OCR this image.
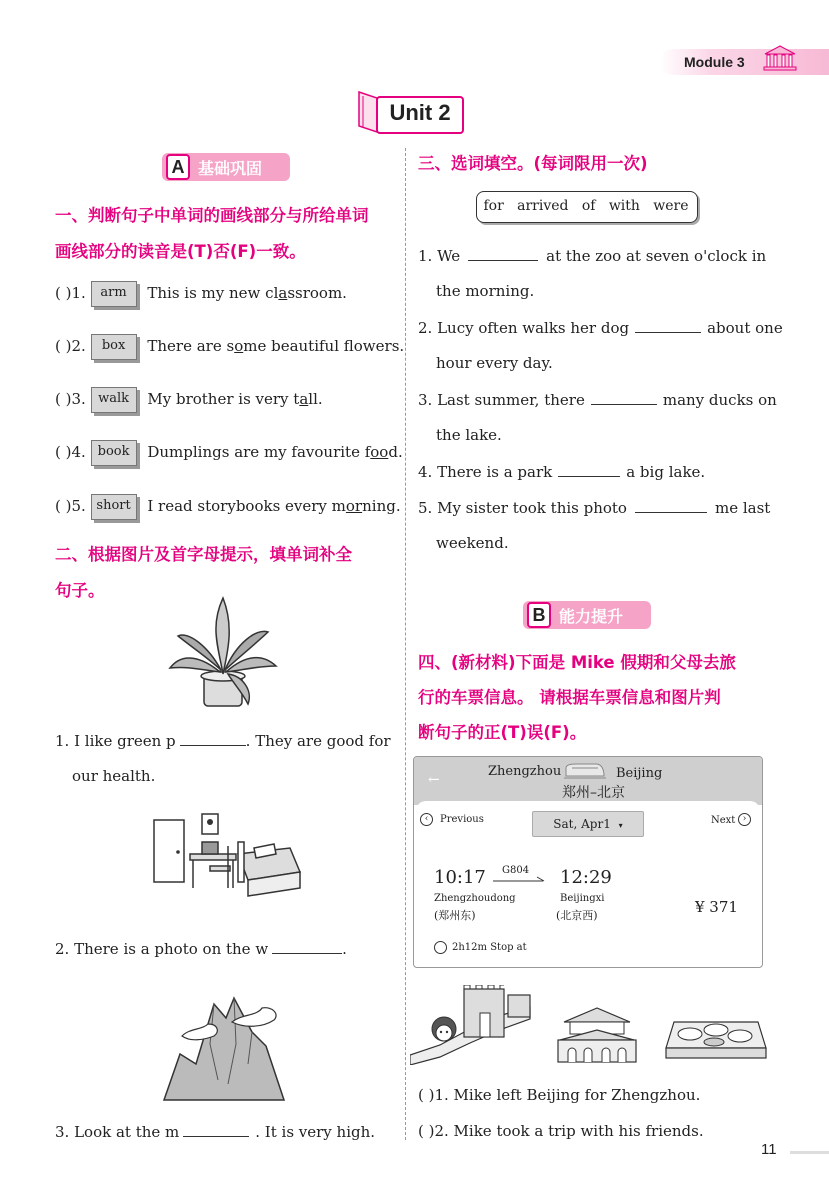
Module 3
Unit 2
A 基础巩固
一、判断句子中单词的画线部分与所给单词
画线部分的读音是(T)否(F)一致。
( )1. arm This is my new classroom.
( )2. box There are some beautiful flowers.
( )3. walk My brother is very tall.
( )4. book Dumplings are my favourite food.
( )5. short I read storybooks every morning.
二、根据图片及首字母提示，填单词补全
句子。
1. I like green p	. They are good for
our health.
2. There is a photo on the w	.
3. Look at the m	. It is very high.
三、选词填空。(每词限用一次)
for   arrived   of   with   were
1. We	at the zoo at seven o'clock in
the morning.
2. Lucy often walks her dog	about one
hour every day.
3. Last summer, there	many ducks on
the lake.
4. There is a park	a big lake.
5. My sister took this photo	me last
weekend.
B 能力提升
四、(新材料)下面是 Mike 假期和父母去旅
行的车票信息。 请根据车票信息和图片判
断句子的正(T)误(F)。
←
Zhengzhou	Beijing
郑州–北京
‹	Previous	Sat, Apr1 ▾	Next ›
10:17 G804 12:29
Zhengzhoudong
(郑州东)
Beijingxi
(北京西)	¥ 371
2h12m Stop at
( )1. Mike left Beijing for Zhengzhou.
( )2. Mike took a trip with his friends.
11
